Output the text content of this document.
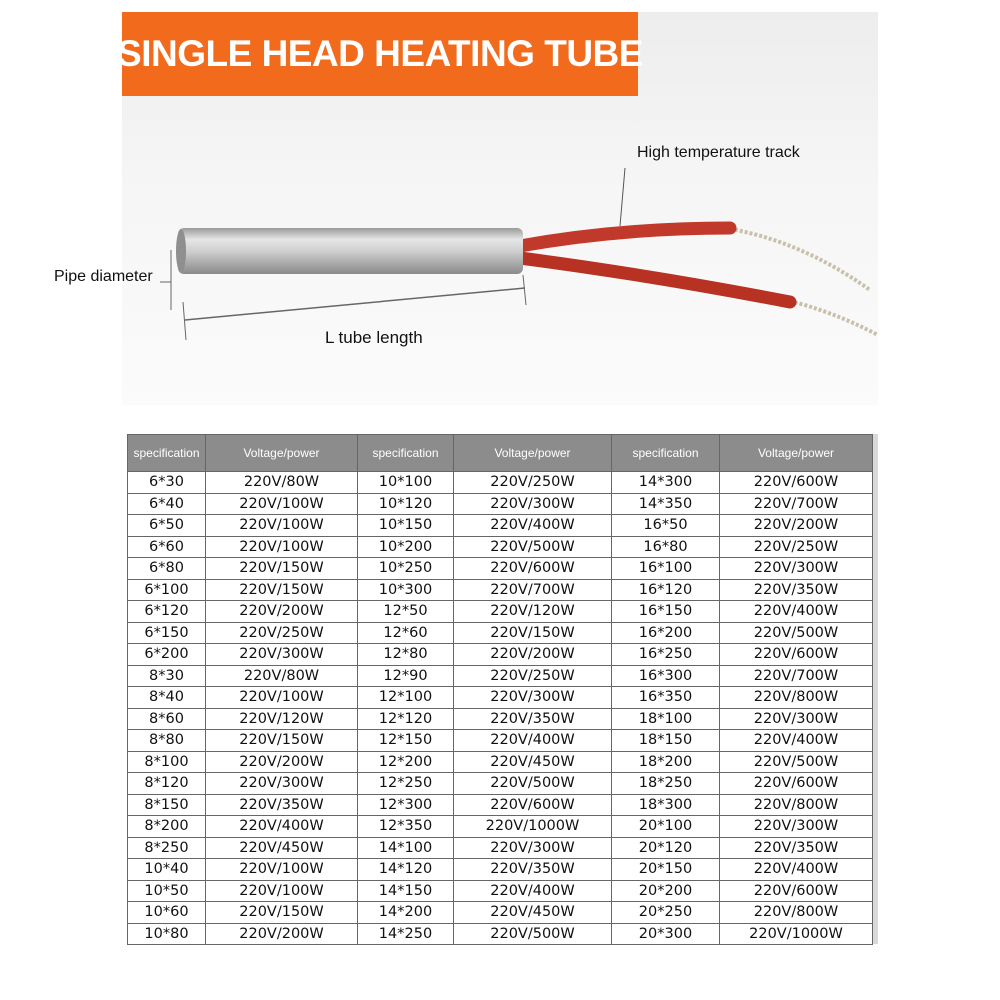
SINGLE HEAD HEATING TUBE
High temperature track
Pipe diameter
L tube length
specification	Voltage/power	specification	Voltage/power	specification	Voltage/power
6*30	220V/80W	10*100	220V/250W	14*300	220V/600W
6*40	220V/100W	10*120	220V/300W	14*350	220V/700W
6*50	220V/100W	10*150	220V/400W	16*50	220V/200W
6*60	220V/100W	10*200	220V/500W	16*80	220V/250W
6*80	220V/150W	10*250	220V/600W	16*100	220V/300W
6*100	220V/150W	10*300	220V/700W	16*120	220V/350W
6*120	220V/200W	12*50	220V/120W	16*150	220V/400W
6*150	220V/250W	12*60	220V/150W	16*200	220V/500W
6*200	220V/300W	12*80	220V/200W	16*250	220V/600W
8*30	220V/80W	12*90	220V/250W	16*300	220V/700W
8*40	220V/100W	12*100	220V/300W	16*350	220V/800W
8*60	220V/120W	12*120	220V/350W	18*100	220V/300W
8*80	220V/150W	12*150	220V/400W	18*150	220V/400W
8*100	220V/200W	12*200	220V/450W	18*200	220V/500W
8*120	220V/300W	12*250	220V/500W	18*250	220V/600W
8*150	220V/350W	12*300	220V/600W	18*300	220V/800W
8*200	220V/400W	12*350	220V/1000W	20*100	220V/300W
8*250	220V/450W	14*100	220V/300W	20*120	220V/350W
10*40	220V/100W	14*120	220V/350W	20*150	220V/400W
10*50	220V/100W	14*150	220V/400W	20*200	220V/600W
10*60	220V/150W	14*200	220V/450W	20*250	220V/800W
10*80	220V/200W	14*250	220V/500W	20*300	220V/1000W
